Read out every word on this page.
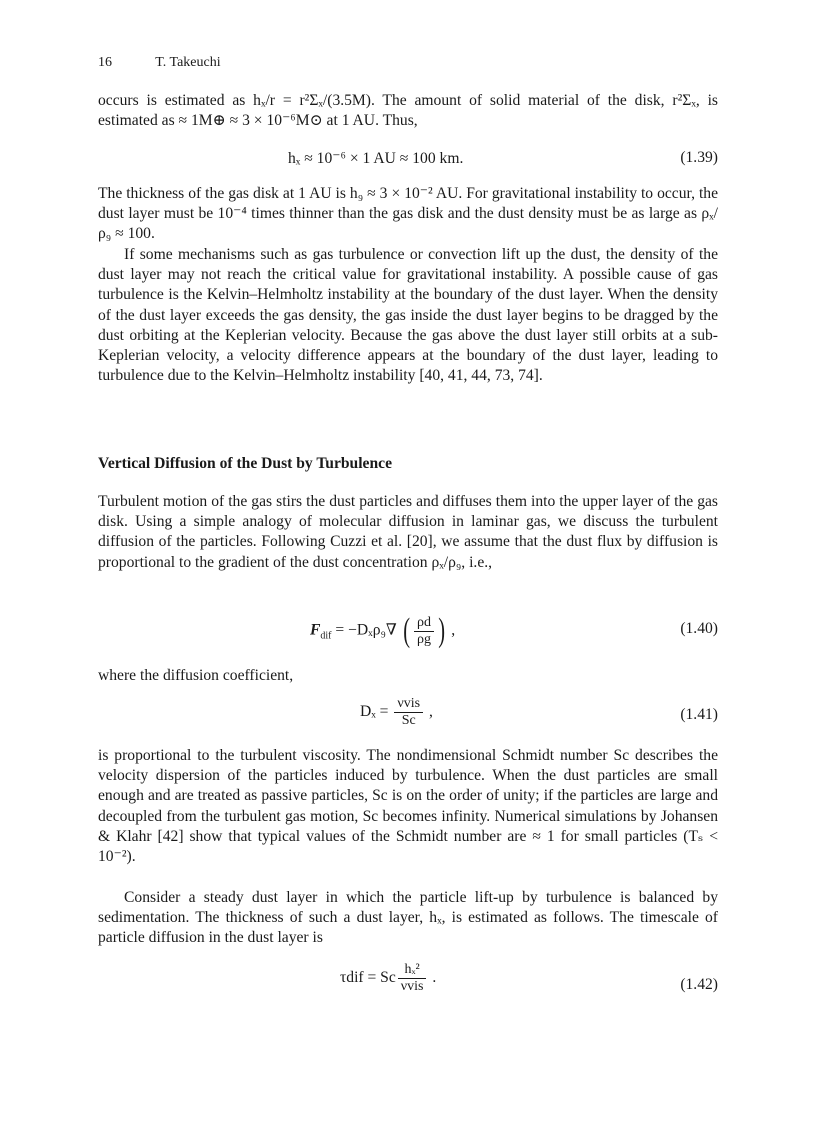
16	T. Takeuchi

occurs is estimated as hₓ/r = r²Σₓ/(3.5M). The amount of solid material of the disk, r²Σₓ, is estimated as ≈ 1M⊕ ≈ 3 × 10⁻⁶M⊙ at 1 AU. Thus,

hₓ ≈ 10⁻⁶ × 1 AU ≈ 100 km.	(1.39)

The thickness of the gas disk at 1 AU is h₉ ≈ 3 × 10⁻² AU. For gravitational instability to occur, the dust layer must be 10⁻⁴ times thinner than the gas disk and the dust density must be as large as ρₓ/ρ₉ ≈ 100.

If some mechanisms such as gas turbulence or convection lift up the dust, the density of the dust layer may not reach the critical value for gravitational instability. A possible cause of gas turbulence is the Kelvin–Helmholtz instability at the boundary of the dust layer. When the density of the dust layer exceeds the gas density, the gas inside the dust layer begins to be dragged by the dust orbiting at the Keplerian velocity. Because the gas above the dust layer still orbits at a sub-Keplerian velocity, a velocity difference appears at the boundary of the dust layer, leading to turbulence due to the Kelvin–Helmholtz instability [40, 41, 44, 73, 74].

Vertical Diffusion of the Dust by Turbulence

Turbulent motion of the gas stirs the dust particles and diffuses them into the upper layer of the gas disk. Using a simple analogy of molecular diffusion in laminar gas, we discuss the turbulent diffusion of the particles. Following Cuzzi et al. [20], we assume that the dust flux by diffusion is proportional to the gradient of the dust concentration ρₓ/ρ₉, i.e.,

$F_{dif} = -D_x\rho_9\nabla$ ( $\frac{\rho d}{\rho g}$ ) ,	(1.40)

where the diffusion coefficient,

$D_x = \frac{\text{νvis}}{Sc}$ ,	(1.41)

is proportional to the turbulent viscosity. The nondimensional Schmidt number Sc describes the velocity dispersion of the particles induced by turbulence. When the dust particles are small enough and are treated as passive particles, Sc is on the order of unity; if the particles are large and decoupled from the turbulent gas motion, Sc becomes infinity. Numerical simulations by Johansen & Klahr [42] show that typical values of the Schmidt number are ≈ 1 for small particles (Tₛ < 10⁻²).

Consider a steady dust layer in which the particle lift-up by turbulence is balanced by sedimentation. The thickness of such a dust layer, hₓ, is estimated as follows. The timescale of particle diffusion in the dust layer is

τdif = Sc $\frac{\text{hₓ²}}{\text{νvis}}$ .	(1.42)
